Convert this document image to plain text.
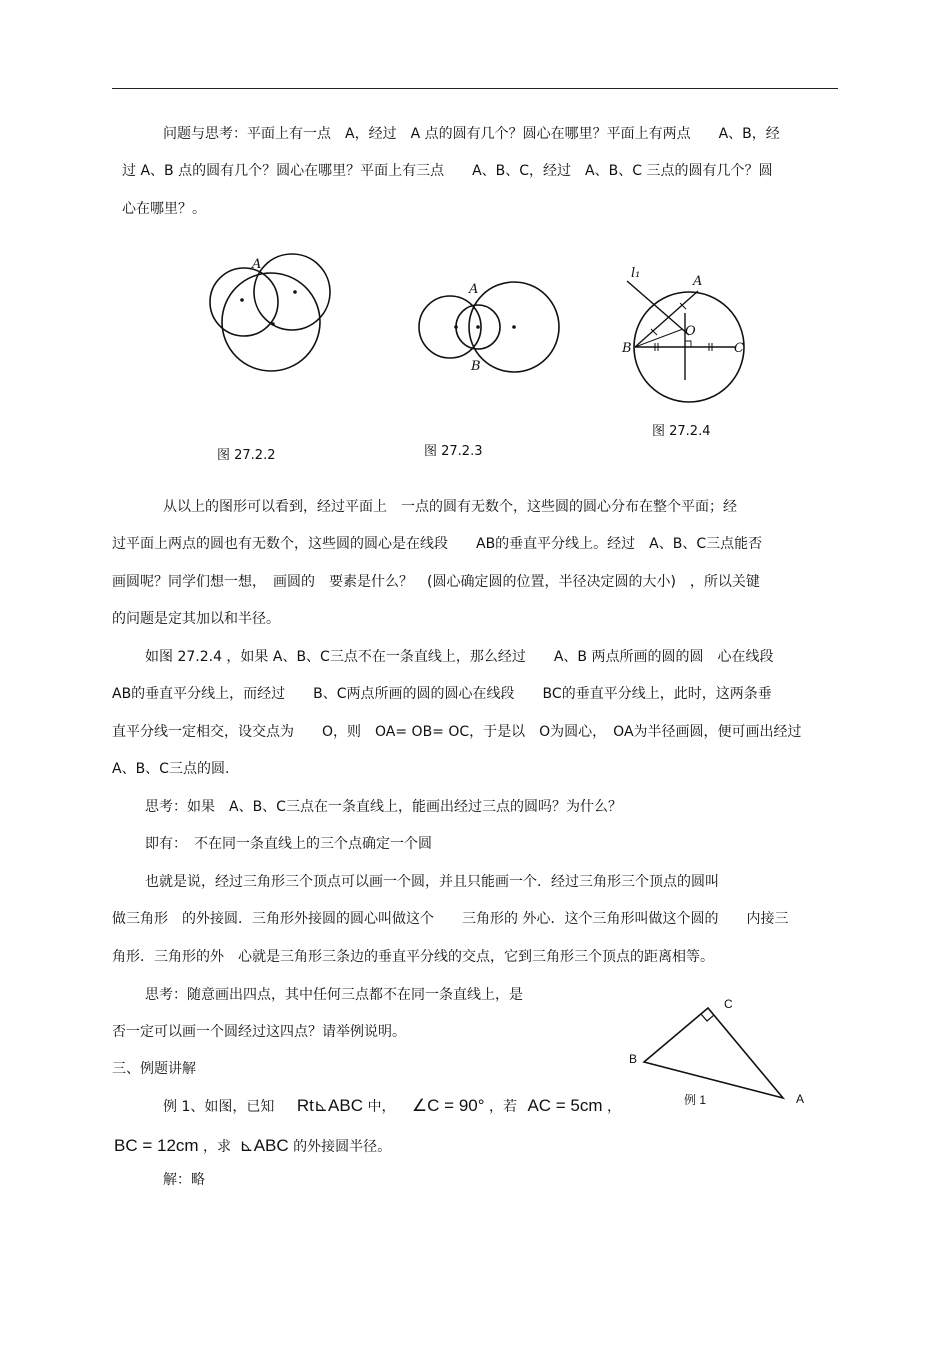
问题与思考：平面上有一点　A，经过　A 点的圆有几个？圆心在哪里？平面上有两点　　A、B，经
过 A、B 点的圆有几个？圆心在哪里？平面上有三点　　A、B、C，经过　A、B、C 三点的圆有几个？圆
心在哪里？。
A
图 27.2.2
A
B
图 27.2.3
l₁
A
O
B	C
图 27.2.4
从以上的图形可以看到，经过平面上　一点的圆有无数个，这些圆的圆心分布在整个平面；经
过平面上两点的圆也有无数个，这些圆的圆心是在线段　　AB的垂直平分线上。经过　A、B、C三点能否
画圆呢？同学们想一想，　画圆的　要素是什么？　(圆心确定圆的位置，半径决定圆的大小)　，所以关键
的问题是定其加以和半径。
如图 27.2.4 ，如果 A、B、C三点不在一条直线上，那么经过　　A、B 两点所画的圆的圆　心在线段
AB的垂直平分线上，而经过　　B、C两点所画的圆的圆心在线段　　BC的垂直平分线上，此时，这两条垂
直平分线一定相交，设交点为　　O，则　OA= OB= OC，于是以　O为圆心，　OA为半径画圆，便可画出经过
A、B、C三点的圆.
思考：如果　A、B、C三点在一条直线上，能画出经过三点的圆吗？为什么？
即有：　不在同一条直线上的三个点确定一个圆
也就是说，经过三角形三个顶点可以画一个圆，并且只能画一个．经过三角形三个顶点的圆叫
做三角形　的外接圆．三角形外接圆的圆心叫做这个　　三角形的 外心．这个三角形叫做这个圆的　　内接三
角形．三角形的外　心就是三角形三条边的垂直平分线的交点，它到三角形三个顶点的距离相等。
思考：随意画出四点，其中任何三点都不在同一条直线上，是
否一定可以画一个圆经过这四点？请举例说明。
三、例题讲解
例 1、如图，已知 Rt⊾ABC 中， ∠C = 90° ，若 AC = 5cm ，
BC = 12cm ，求 ⊾ABC 的外接圆半径。
解：略
C
B
A
例 1
